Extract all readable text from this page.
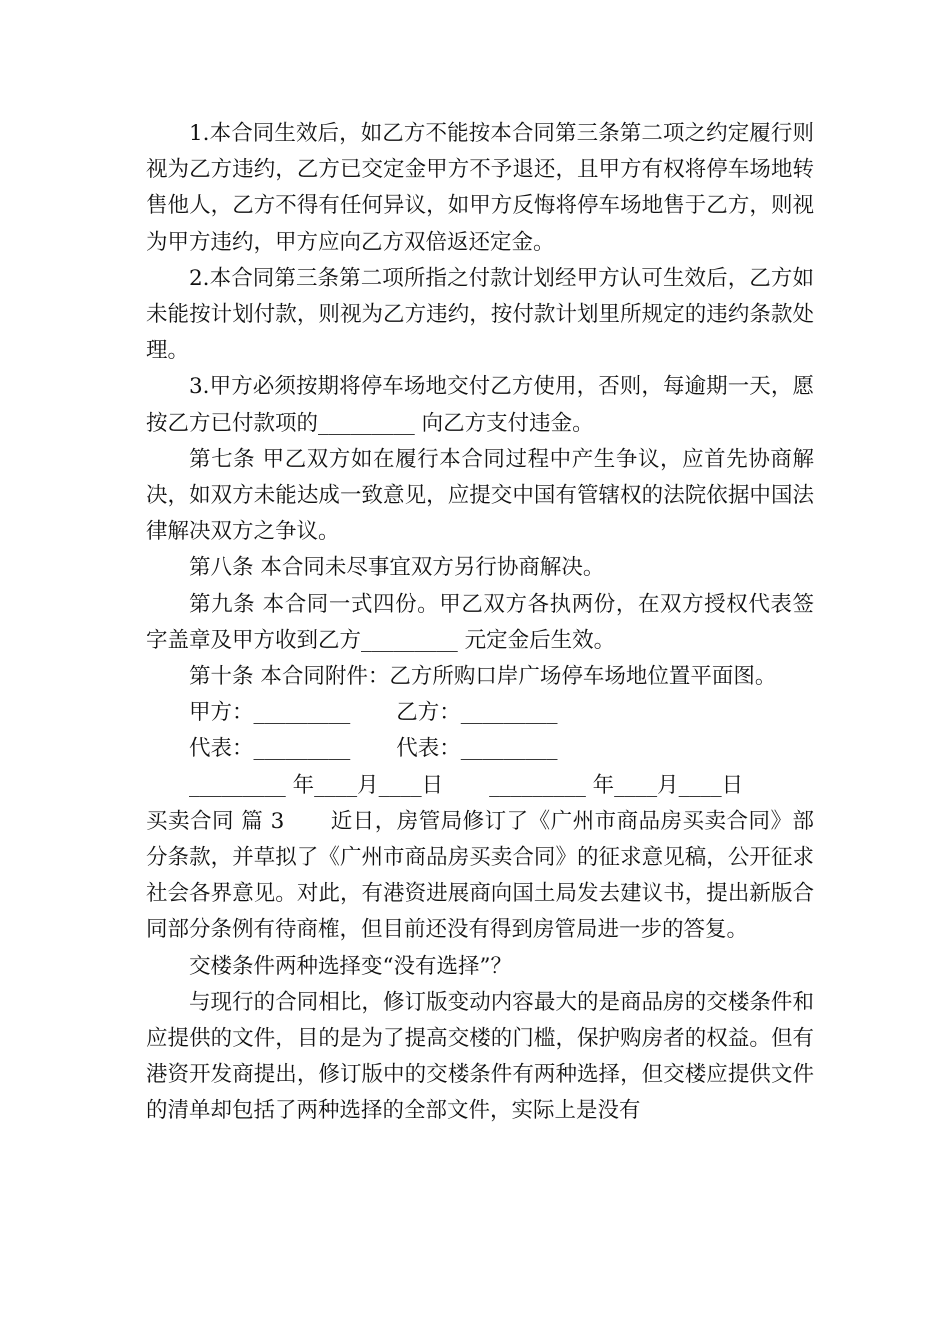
1.本合同生效后，如乙方不能按本合同第三条第二项之约定履行则视为乙方违约，乙方已交定金甲方不予退还，且甲方有权将停车场地转售他人，乙方不得有任何异议，如甲方反悔将停车场地售于乙方，则视为甲方违约，甲方应向乙方双倍返还定金。

2.本合同第三条第二项所指之付款计划经甲方认可生效后，乙方如未能按计划付款，则视为乙方违约，按付款计划里所规定的违约条款处理。

3.甲方必须按期将停车场地交付乙方使用，否则，每逾期一天，愿按乙方已付款项的_________ 向乙方支付违金。

第七条 甲乙双方如在履行本合同过程中产生争议，应首先协商解决，如双方未能达成一致意见，应提交中国有管辖权的法院依据中国法律解决双方之争议。

第八条 本合同未尽事宜双方另行协商解决。

第九条 本合同一式四份。甲乙双方各执两份，在双方授权代表签字盖章及甲方收到乙方_________ 元定金后生效。

第十条 本合同附件：乙方所购口岸广场停车场地位置平面图。

甲方：_________ 乙方：_________

代表：_________ 代表：_________

_________ 年____月____日 _________ 年____月____日

买卖合同 篇 3 近日，房管局修订了《广州市商品房买卖合同》部分条款，并草拟了《广州市商品房买卖合同》的征求意见稿，公开征求社会各界意见。对此，有港资进展商向国土局发去建议书，提出新版合同部分条例有待商榷，但目前还没有得到房管局进一步的答复。

交楼条件两种选择变“没有选择”？

与现行的合同相比，修订版变动内容最大的是商品房的交楼条件和应提供的文件，目的是为了提高交楼的门槛，保护购房者的权益。但有港资开发商提出，修订版中的交楼条件有两种选择，但交楼应提供文件的清单却包括了两种选择的全部文件，实际上是没有
